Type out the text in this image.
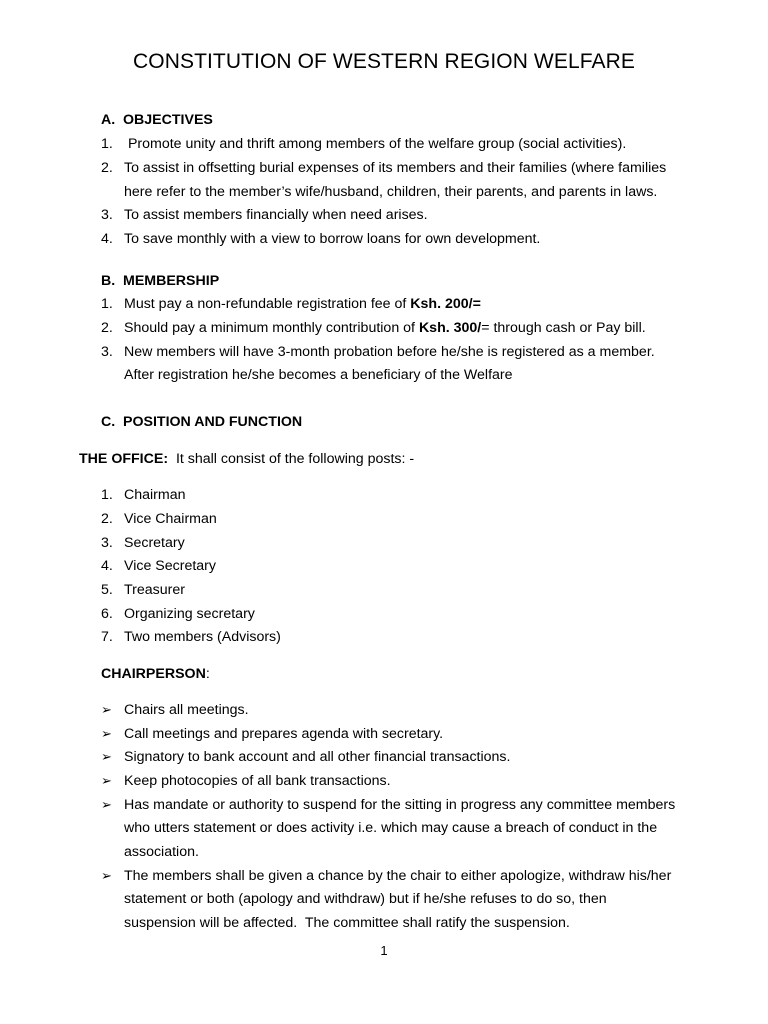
CONSTITUTION OF WESTERN REGION WELFARE
A. OBJECTIVES
1. Promote unity and thrift among members of the welfare group (social activities).
2. To assist in offsetting burial expenses of its members and their families (where families
here refer to the member’s wife/husband, children, their parents, and parents in laws.
3. To assist members financially when need arises.
4. To save monthly with a view to borrow loans for own development.
B. MEMBERSHIP
1. Must pay a non-refundable registration fee of Ksh. 200/=
2. Should pay a minimum monthly contribution of Ksh. 300/= through cash or Pay bill.
3. New members will have 3-month probation before he/she is registered as a member.
After registration he/she becomes a beneficiary of the Welfare
C. POSITION AND FUNCTION
THE OFFICE:  It shall consist of the following posts: -
1. Chairman
2. Vice Chairman
3. Secretary
4. Vice Secretary
5. Treasurer
6. Organizing secretary
7. Two members (Advisors)
CHAIRPERSON:
➢ Chairs all meetings.
➢ Call meetings and prepares agenda with secretary.
➢ Signatory to bank account and all other financial transactions.
➢ Keep photocopies of all bank transactions.
➢ Has mandate or authority to suspend for the sitting in progress any committee members
who utters statement or does activity i.e. which may cause a breach of conduct in the
association.
➢ The members shall be given a chance by the chair to either apologize, withdraw his/her
statement or both (apology and withdraw) but if he/she refuses to do so, then
suspension will be affected.  The committee shall ratify the suspension.
1
